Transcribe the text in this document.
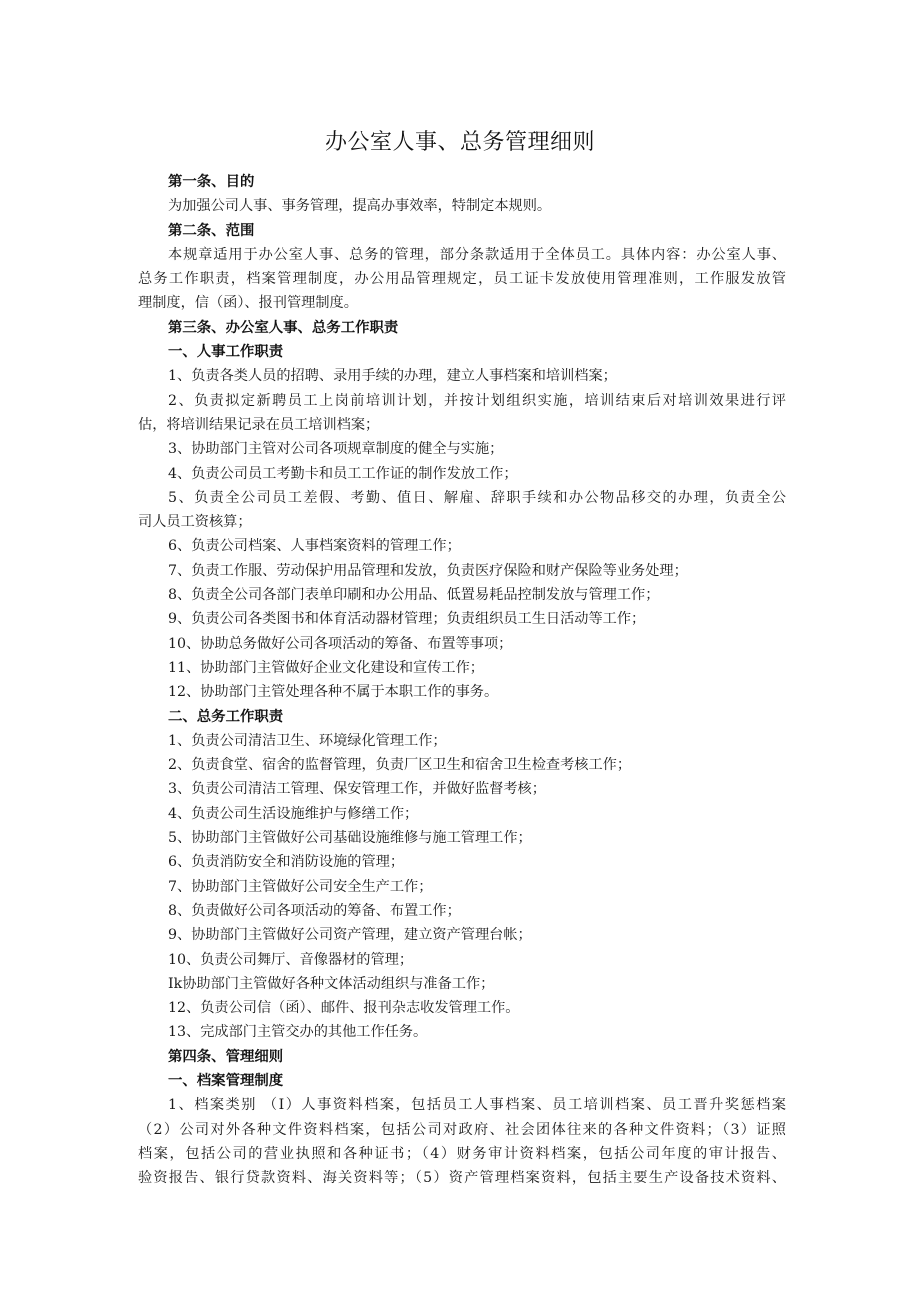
办公室人事、总务管理细则
第一条、目的
为加强公司人事、事务管理，提高办事效率，特制定本规则。
第二条、范围
本规章适用于办公室人事、总务的管理，部分条款适用于全体员工。具体内容：办公室人事、
总务工作职责，档案管理制度，办公用品管理规定，员工证卡发放使用管理准则，工作服发放管
理制度，信（函）、报刊管理制度。
第三条、办公室人事、总务工作职责
一、人事工作职责
1、负责各类人员的招聘、录用手续的办理，建立人事档案和培训档案；
2、负责拟定新聘员工上岗前培训计划，并按计划组织实施，培训结束后对培训效果进行评
估，将培训结果记录在员工培训档案；
3、协助部门主管对公司各项规章制度的健全与实施；
4、负责公司员工考勤卡和员工工作证的制作发放工作；
5、负责全公司员工差假、考勤、值日、解雇、辞职手续和办公物品移交的办理，负责全公
司人员工资核算；
6、负责公司档案、人事档案资料的管理工作；
7、负责工作服、劳动保护用品管理和发放，负责医疗保险和财产保险等业务处理；
8、负责全公司各部门表单印刷和办公用品、低置易耗品控制发放与管理工作；
9、负责公司各类图书和体育活动器材管理；负责组织员工生日活动等工作；
10、协助总务做好公司各项活动的筹备、布置等事项；
11、协助部门主管做好企业文化建设和宣传工作；
12、协助部门主管处理各种不属于本职工作的事务。
二、总务工作职责
1、负责公司清洁卫生、环境绿化管理工作；
2、负责食堂、宿舍的监督管理，负责厂区卫生和宿舍卫生检查考核工作；
3、负责公司清洁工管理、保安管理工作，并做好监督考核；
4、负责公司生活设施维护与修缮工作；
5、协助部门主管做好公司基础设施维修与施工管理工作；
6、负责消防安全和消防设施的管理；
7、协助部门主管做好公司安全生产工作；
8、负责做好公司各项活动的筹备、布置工作；
9、协助部门主管做好公司资产管理，建立资产管理台帐；
10、负责公司舞厅、音像器材的管理；
Ik协助部门主管做好各种文体活动组织与准备工作；
12、负责公司信（函）、邮件、报刊杂志收发管理工作。
13、完成部门主管交办的其他工作任务。
第四条、管理细则
一、档案管理制度
1、档案类别 （I）人事资料档案，包括员工人事档案、员工培训档案、员工晋升奖惩档案
（2）公司对外各种文件资料档案，包括公司对政府、社会团体往来的各种文件资料；（3）证照
档案，包括公司的营业执照和各种证书；（4）财务审计资料档案，包括公司年度的审计报告、
验资报告、银行贷款资料、海关资料等；（5）资产管理档案资料，包括主要生产设备技术资料、
